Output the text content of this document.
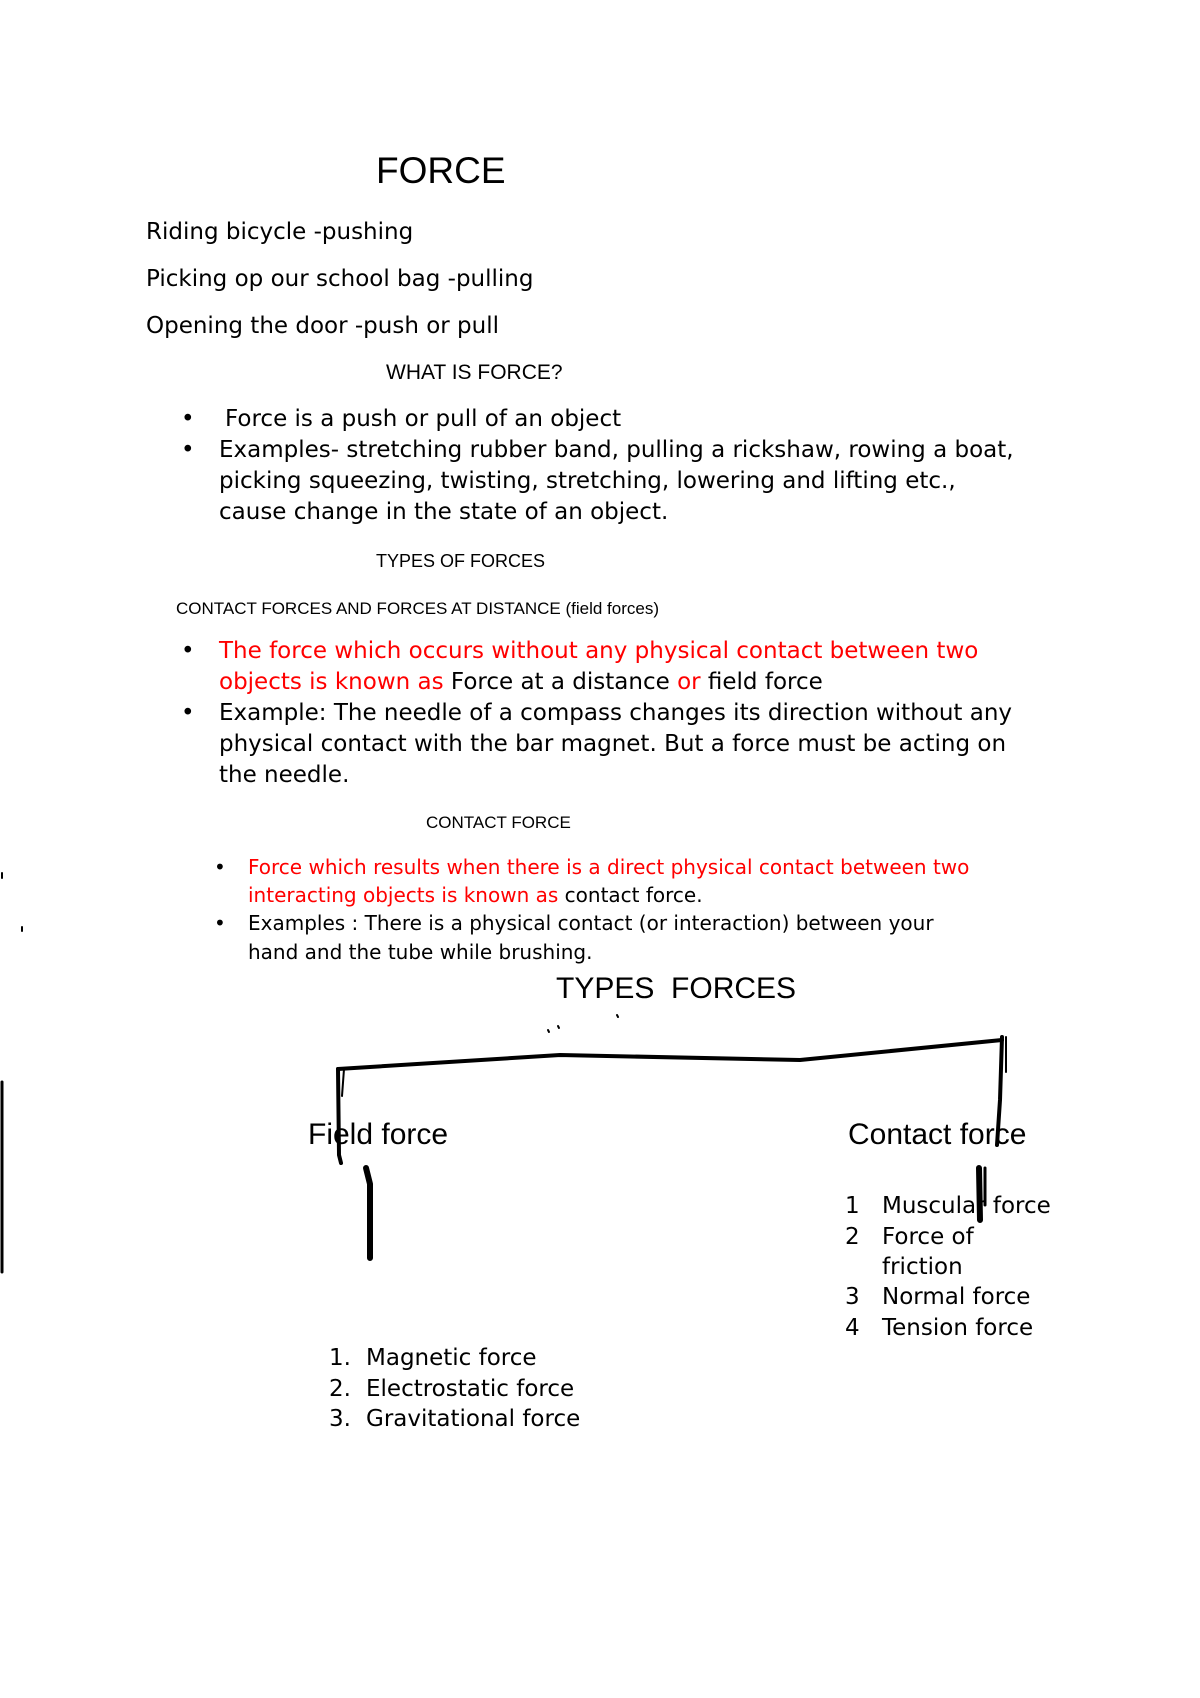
FORCE
Riding bicycle -pushing
Picking op our school bag -pulling
Opening the door -push or pull
WHAT IS FORCE?
• Force is a push or pull of an object
• Examples- stretching rubber band, pulling a rickshaw, rowing a boat,
picking squeezing, twisting, stretching, lowering and lifting etc.,
cause change in the state of an object.
TYPES OF FORCES
CONTACT FORCES AND FORCES AT DISTANCE (field forces)
• The force which occurs without any physical contact between two
objects is known as Force at a distance or field force
• Example: The needle of a compass changes its direction without any
physical contact with the bar magnet. But a force must be acting on
the needle.
CONTACT FORCE
• Force which results when there is a direct physical contact between two
interacting objects is known as contact force.
• Examples : There is a physical contact (or interaction) between your
hand and the tube while brushing.
TYPES  FORCES
Field force	Contact force
1 Muscular force
2 Force of
friction
3 Normal force
4 Tension force
1. Magnetic force
2. Electrostatic force
3. Gravitational force
